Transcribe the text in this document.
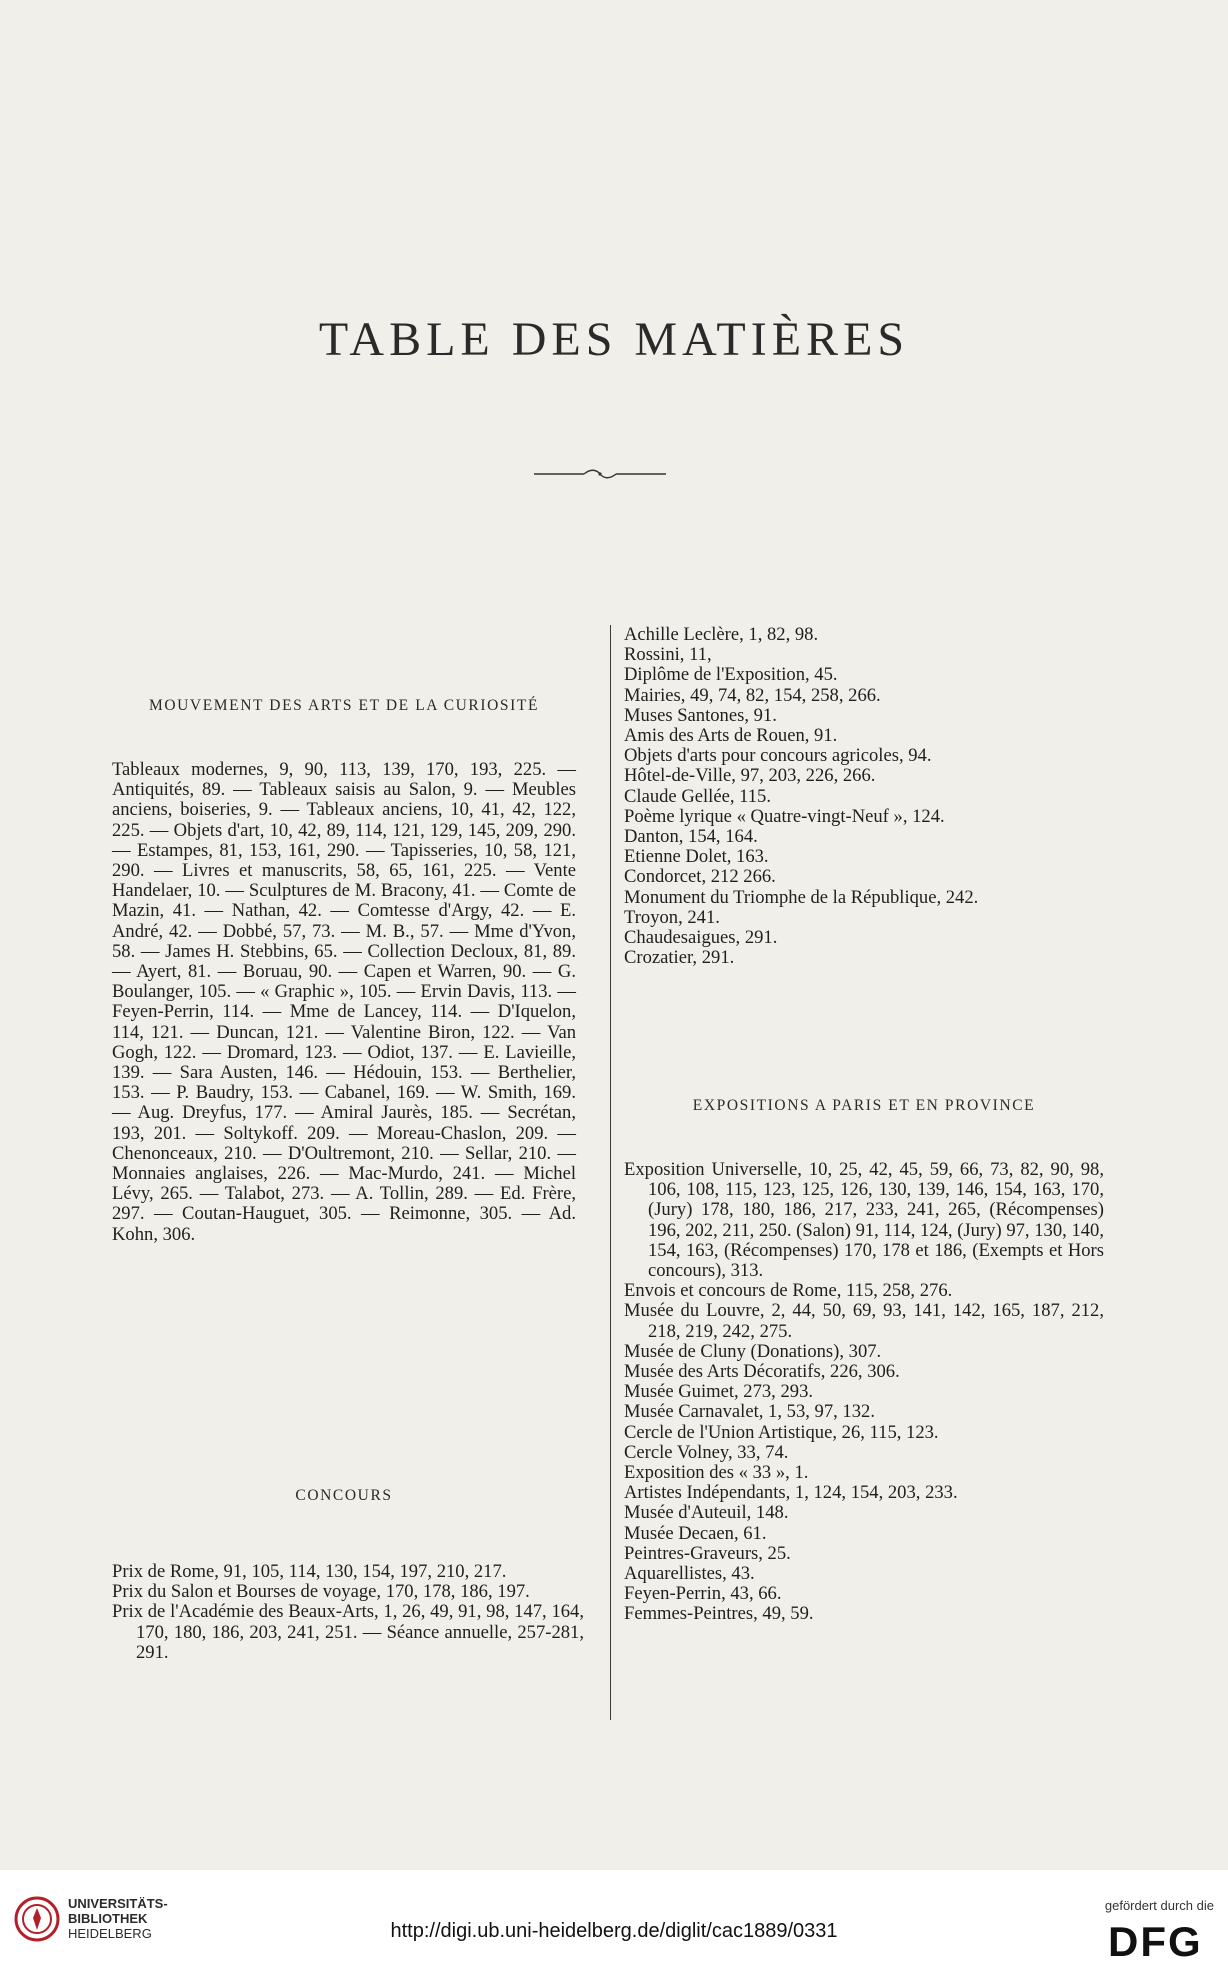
TABLE DES MATIÈRES
MOUVEMENT DES ARTS ET DE LA CURIOSITÉ

Tableaux modernes, 9, 90, 113, 139, 170, 193, 225. — Antiquités, 89. — Tableaux saisis au Salon, 9. — Meubles anciens, boiseries, 9. — Tableaux anciens, 10, 41, 42, 122, 225. — Objets d'art, 10, 42, 89, 114, 121, 129, 145, 209, 290. — Estampes, 81, 153, 161, 290. — Tapisseries, 10, 58, 121, 290. — Livres et manuscrits, 58, 65, 161, 225. — Vente Handelaer, 10. — Sculptures de M. Bracony, 41. — Comte de Mazin, 41. — Nathan, 42. — Comtesse d'Argy, 42. — E. André, 42. — Dobbé, 57, 73. — M. B., 57. — Mme d'Yvon, 58. — James H. Stebbins, 65. — Collection Decloux, 81, 89. — Ayert, 81. — Boruau, 90. — Capen et Warren, 90. — G. Boulanger, 105. — « Graphic », 105. — Ervin Davis, 113. — Feyen-Perrin, 114. — Mme de Lancey, 114. — D'Iquelon, 114, 121. — Duncan, 121. — Valentine Biron, 122. — Van Gogh, 122. — Dromard, 123. — Odiot, 137. — E. Lavieille, 139. — Sara Austen, 146. — Hédouin, 153. — Berthelier, 153. — P. Baudry, 153. — Cabanel, 169. — W. Smith, 169. — Aug. Dreyfus, 177. — Amiral Jaurès, 185. — Secrétan, 193, 201. — Soltykoff. 209. — Moreau-Chaslon, 209. — Chenonceaux, 210. — D'Oultremont, 210. — Sellar, 210. — Monnaies anglaises, 226. — Mac-Murdo, 241. — Michel Lévy, 265. — Talabot, 273. — A. Tollin, 289. — Ed. Frère, 297. — Coutan-Hauguet, 305. — Reimonne, 305. — Ad. Kohn, 306.

CONCOURS
Prix de Rome, 91, 105, 114, 130, 154, 197, 210, 217.
Prix du Salon et Bourses de voyage, 170, 178, 186, 197.
Prix de l'Académie des Beaux-Arts, 1, 26, 49, 91, 98, 147, 164, 170, 180, 186, 203, 241, 251. — Séance annuelle, 257-281, 291.
Achille Leclère, 1, 82, 98.
Rossini, 11,
Diplôme de l'Exposition, 45.
Mairies, 49, 74, 82, 154, 258, 266.
Muses Santones, 91.
Amis des Arts de Rouen, 91.
Objets d'arts pour concours agricoles, 94.
Hôtel-de-Ville, 97, 203, 226, 266.
Claude Gellée, 115.
Poème lyrique « Quatre-vingt-Neuf », 124.
Danton, 154, 164.
Etienne Dolet, 163.
Condorcet, 212 266.
Monument du Triomphe de la République, 242.
Troyon, 241.
Chaudesaigues, 291.
Crozatier, 291.
EXPOSITIONS A PARIS ET EN PROVINCE
Exposition Universelle, 10, 25, 42, 45, 59, 66, 73, 82, 90, 98, 106, 108, 115, 123, 125, 126, 130, 139, 146, 154, 163, 170, (Jury) 178, 180, 186, 217, 233, 241, 265, (Récompenses) 196, 202, 211, 250. (Salon) 91, 114, 124, (Jury) 97, 130, 140, 154, 163, (Récompenses) 170, 178 et 186, (Exempts et Hors concours), 313.
Envois et concours de Rome, 115, 258, 276.
Musée du Louvre, 2, 44, 50, 69, 93, 141, 142, 165, 187, 212, 218, 219, 242, 275.
Musée de Cluny (Donations), 307.
Musée des Arts Décoratifs, 226, 306.
Musée Guimet, 273, 293.
Musée Carnavalet, 1, 53, 97, 132.
Cercle de l'Union Artistique, 26, 115, 123.
Cercle Volney, 33, 74.
Exposition des « 33 », 1.
Artistes Indépendants, 1, 124, 154, 203, 233.
Musée d'Auteuil, 148.
Musée Decaen, 61.
Peintres-Graveurs, 25.
Aquarellistes, 43.
Feyen-Perrin, 43, 66.
Femmes-Peintres, 49, 59.
UNIVERSITÄTS-
BIBLIOTHEK
HEIDELBERG	http://digi.ub.uni-heidelberg.de/diglit/cac1889/0331
gefördert durch die
DFG
